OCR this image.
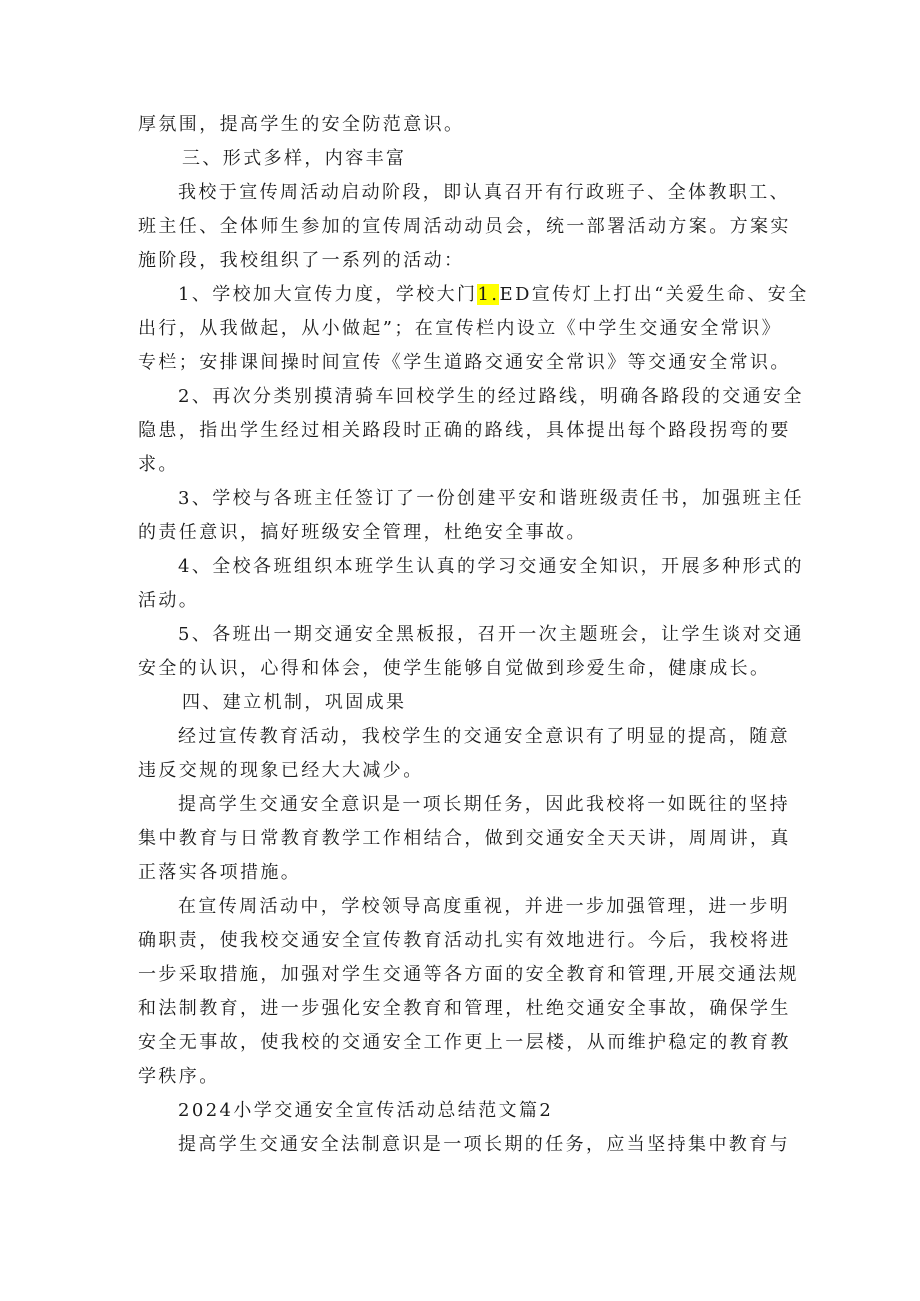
厚氛围，提高学生的安全防范意识。

三、形式多样，内容丰富

我校于宣传周活动启动阶段，即认真召开有行政班子、全体教职工、

班主任、全体师生参加的宣传周活动动员会，统一部署活动方案。方案实

施阶段，我校组织了一系列的活动：

1、学校加大宣传力度，学校大门1.ED宣传灯上打出“关爱生命、安全

出行，从我做起，从小做起”；在宣传栏内设立《中学生交通安全常识》

专栏；安排课间操时间宣传《学生道路交通安全常识》等交通安全常识。

2、再次分类别摸清骑车回校学生的经过路线，明确各路段的交通安全

隐患，指出学生经过相关路段时正确的路线，具体提出每个路段拐弯的要

求。

3、学校与各班主任签订了一份创建平安和谐班级责任书，加强班主任

的责任意识，搞好班级安全管理，杜绝安全事故。

4、全校各班组织本班学生认真的学习交通安全知识，开展多种形式的

活动。

5、各班出一期交通安全黑板报，召开一次主题班会，让学生谈对交通

安全的认识，心得和体会，使学生能够自觉做到珍爱生命，健康成长。

四、建立机制，巩固成果

经过宣传教育活动，我校学生的交通安全意识有了明显的提高，随意

违反交规的现象已经大大减少。

提高学生交通安全意识是一项长期任务，因此我校将一如既往的坚持

集中教育与日常教育教学工作相结合，做到交通安全天天讲，周周讲，真

正落实各项措施。

在宣传周活动中，学校领导高度重视，并进一步加强管理，进一步明

确职责，使我校交通安全宣传教育活动扎实有效地进行。今后，我校将进

一步采取措施，加强对学生交通等各方面的安全教育和管理,开展交通法规

和法制教育，进一步强化安全教育和管理，杜绝交通安全事故，确保学生

安全无事故，使我校的交通安全工作更上一层楼，从而维护稳定的教育教

学秩序。

2024小学交通安全宣传活动总结范文篇2

提高学生交通安全法制意识是一项长期的任务，应当坚持集中教育与
